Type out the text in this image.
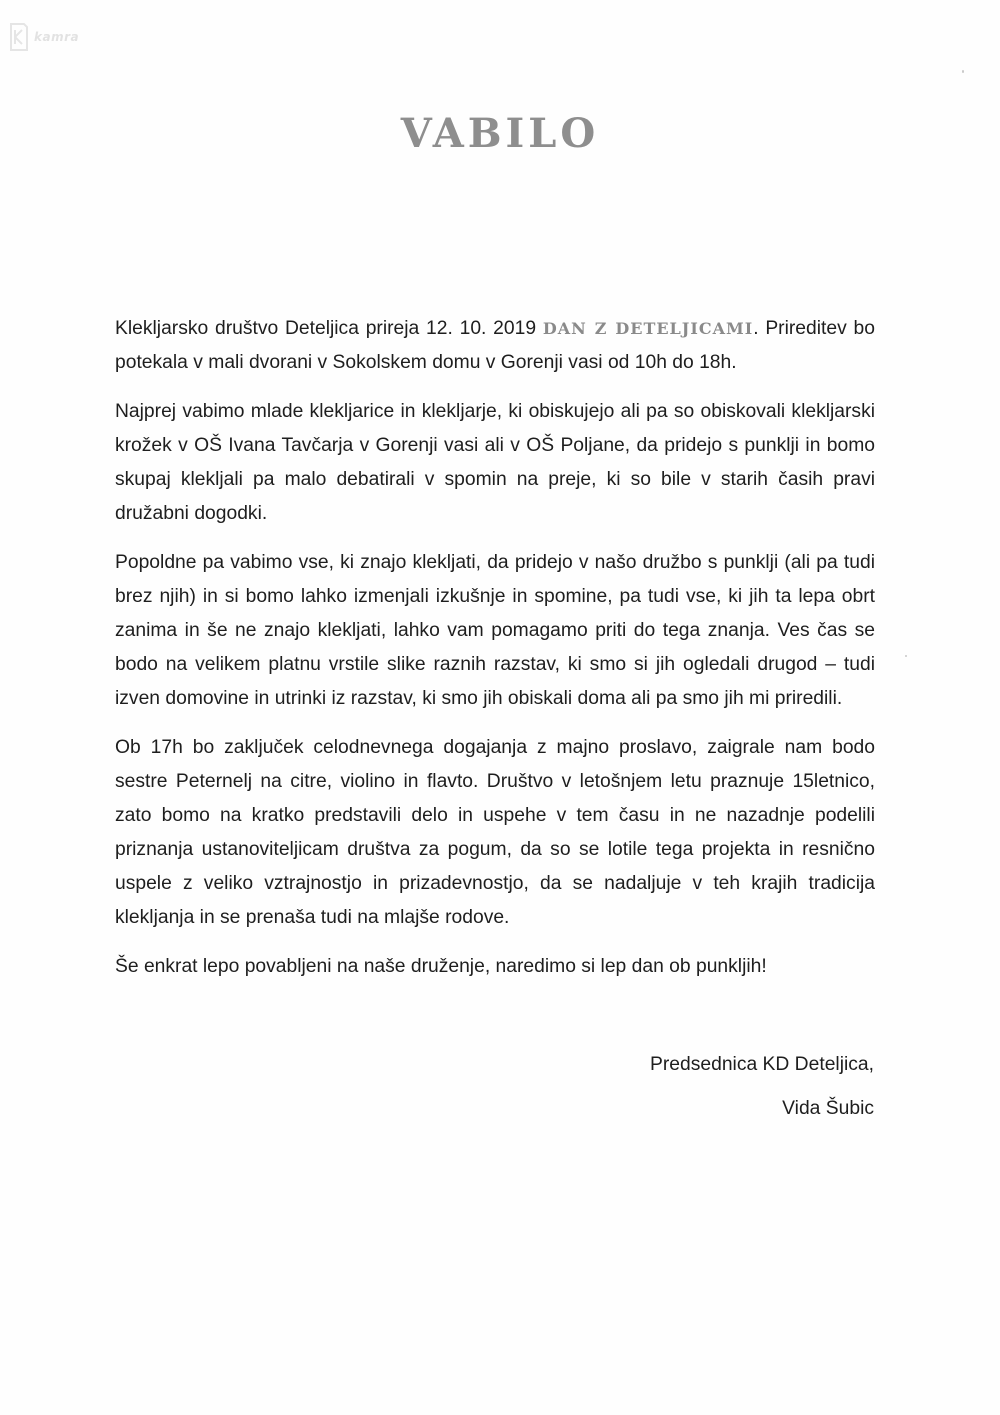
kamra
VABILO

Klekljarsko društvo Deteljica prireja 12. 10. 2019 DAN Z DETELJICAMI. Prireditev bo potekala v mali dvorani v Sokolskem domu v Gorenji vasi od 10h do 18h.

Najprej vabimo mlade klekljarice in klekljarje, ki obiskujejo ali pa so obiskovali klekljarski krožek v OŠ Ivana Tavčarja v Gorenji vasi ali v OŠ Poljane, da pridejo s punklji in bomo skupaj klekljali pa malo debatirali v spomin na preje, ki so bile v starih časih pravi družabni dogodki.

Popoldne pa vabimo vse, ki znajo klekljati, da pridejo v našo družbo s punklji (ali pa tudi brez njih) in si bomo lahko izmenjali izkušnje in spomine, pa tudi vse, ki jih ta lepa obrt zanima in še ne znajo klekljati, lahko vam pomagamo priti do tega znanja. Ves čas se bodo na velikem platnu vrstile slike raznih razstav, ki smo si jih ogledali drugod – tudi izven domovine in utrinki iz razstav, ki smo jih obiskali doma ali pa smo jih mi priredili.

Ob 17h bo zaključek celodnevnega dogajanja z majno proslavo, zaigrale nam bodo sestre Peternelj na citre, violino in flavto. Društvo v letošnjem letu praznuje 15letnico, zato bomo na kratko predstavili delo in uspehe v tem času in ne nazadnje podelili priznanja ustanoviteljicam društva za pogum, da so se lotile tega projekta in resnično uspele z veliko vztrajnostjo in prizadevnostjo, da se nadaljuje v teh krajih tradicija klekljanja in se prenaša tudi na mlajše rodove.

Še enkrat lepo povabljeni na naše druženje, naredimo si lep dan ob punkljih!

Predsednica KD Deteljica,
Vida Šubic
